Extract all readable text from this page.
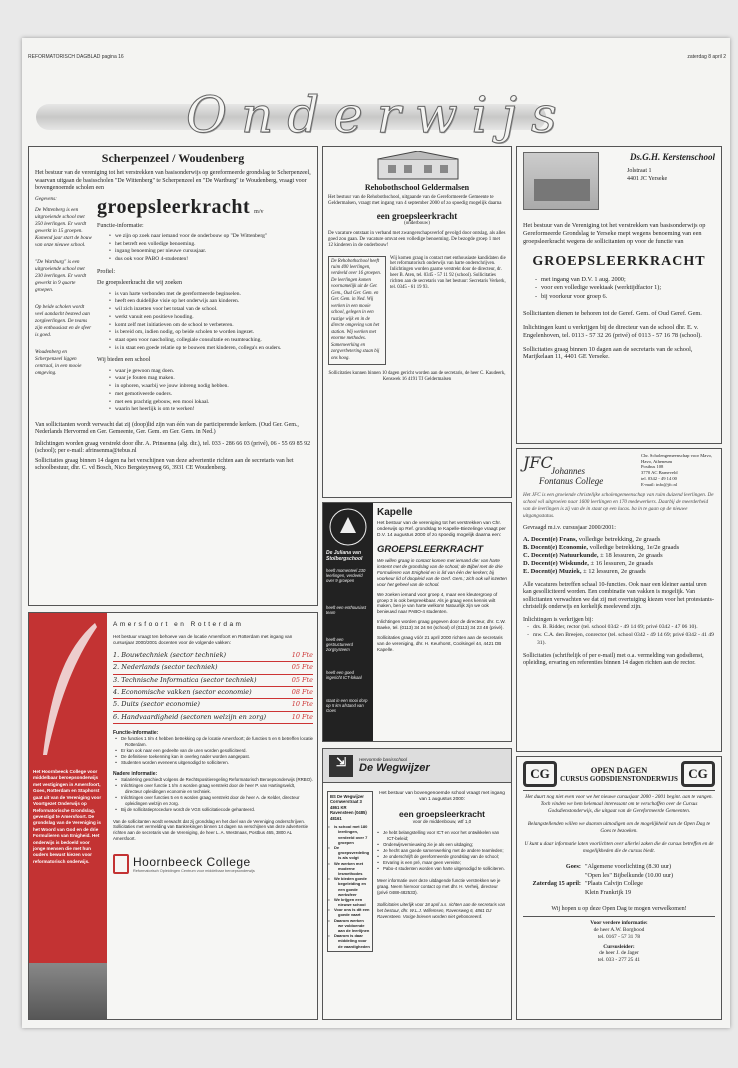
REFORMATORISCH DAGBLAD pagina 16	zaterdag 8 april 2
Onderwijs
Scherpenzeel / Woudenberg
Het bestuur van de vereniging tot het verstrekken van basisonderwijs op gereformeerde grondslag te Scherpenzeel, waarvan uitgaan de basisscholen "De Wittenberg" te Scherpenzeel en "De Wartburg" te Woudenberg, vraagt voor bovengenoemde scholen een
Gegevens:
De Wittenberg is een uitgroeiende school met 350 leerlingen. Er wordt gewerkt in 15 groepen. Komend jaar start de bouw van onze nieuwe school.
"De Wartburg" is een uitgroeiende school met 230 leerlingen. Er wordt gewerkt in 9 quarte groepen.
Op beide scholen wordt veel aandacht besteed aan zorgleerlingen. De teams zijn enthousiast en de sfeer is goed.
Woudenberg en Scherpenzeel liggen centraal, in een mooie omgeving.
groepsleerkracht m/v
Functie-informatie:
• we zijn op zoek naar iemand voor de onderbouw op "De Wittenberg"
• het betreft een volledige benoeming.
• ingang benoeming per nieuwe cursusjaar.
• dus ook voor PABO 4-studenten!
Profiel:
De groepsleerkracht die wij zoeken
• is van harte verbonden met de gereformeerde beginselen.
• heeft een duidelijke visie op het onderwijs aan kinderen.
• wil zich inzetten voor het totaal van de school.
• werkt vanuit een positieve houding.
• komt zelf met initiatieven om de school te verbeteren.
• is bereid om, indien nodig, op beide scholen te worden ingezet.
• staat open voor nascholing, collegiale consultatie en teamteaching.
• is in staat een goede relatie op te bouwen met kinderen, collega's en ouders.
Wij bieden een school
• waar je gewoon mag doen.
• waar je fouten mag maken.
• in ophoren, waarbij we jouw inbreng nodig hebben.
• met gemotiveerde ouders.
• met een prachtig gebouw, een mooi lokaal.
• waarin het heerlijk is om te werken!
Van sollicitanten wordt verwacht dat zij (doop)lid zijn van één van de participerende kerken. (Oud Ger. Gem., Nederlands Hervormd en Ger. Gemeente, Ger. Gem. en Ger. Gem. in Ned.)
Inlichtingen worden graag verstrekt door dhr. A. Prinsenna (alg. dir.), tel. 033 - 286 66 03 (privé), 06 - 55 69 85 92 (school); per e-mail: afrinsenma@tebus.nl
Sollicitaties graag binnen 14 dagen na het verschijnen van deze advertentie richten aan de secretaris van het schoolbestuur, dhr. C. vd Bosch, Nico Bergsteynweg 66, 3931 CE Woudenberg.
Rehobothschool Geldermalsen
Het bestuur van de Rehobothschool, uitgaande van de Gereformeerde Gemeente te Geldermalsen, vraagt met ingang van 4 september 2000 of zo spoedig mogelijk daarna
een groepsleerkracht
(onderbouw)
De vacature ontstaat in verband met zwangerschapsverlof gevolgd door ontslag, als alles goed zou gaan. De vacature omvat een volledige benoeming. De bezogde groep 1 met 12 kinderen in de onderbouw!
De Rehobothschool heeft ruim 400 leerlingen, verdeeld over 16 groepen. De leerlingen komen voornamelijk uit de Ger. Gem., Oud Ger. Gem. en Ger. Gem. in Ned. Wij werken in een mooie school, gelegen in een rustige wijk en in de directe omgeving van het station. Wij werken met enorme methodes. Samenwerking en zorgverbetering staan bij ons hoog.
Wij komen graag in contact met enthousiaste kandidaten die het reformatorisch onderwijs van harte onderschrijven. Inlichtingen worden gaarne verstrekt door de directeur, dr. heer B. Aten, tel. 0345 - 57 11 92 (school). Sollicitaties richten aan de secretaris van het bestuur: Secretaris Verkerk, tel. 0345 - 61 19 93.
Sollicitaties kunnen binnen 10 dagen gericht worden aan de secretaris, de heer C. Kaudeerk, Kenswek 16 4191 TJ Geldermalsen
Ds.G.H. Kerstenschool
Jolstraat 1
4401 JC Yerseke
Het bestuur van de Vereniging tot het verstrekken van basisonderwijs op Gereformeerde Grondslag te Yerseke mept wegens benoeming van een groepsleerkracht wegens de sollicitanten op voor de functie van
GROEPSLEERKRACHT
- met ingang van D.V. 1 aug. 2000;
- voor een volledige weektaak (werktijdfactor 1);
- bij voorkeur voor groep 6.
Sollicitanten dienen te behoren tot de Geref. Gem. of Oud Geref. Gem.
Inlichtingen kunt u verkrijgen bij de directeur van de school dhr. E. v. Engelenhoven, tel. 0113 - 57 32 26 (privé) of 0113 - 57 16 78 (school).
Sollicitaties graag binnen 10 dagen aan de secretaris van de school, Marijkelaan 11, 4401 GE Yerseke.
De Juliana van
Stolbergschool
heeft momenteel 230 leerlingen, verdeeld over 9 groepen
heeft een enthousiast team
heeft een gestructureerd zorgsysteem
heeft een goed ingericht ICT-lokaal
staat in een mooi dorp op 5 km afstand van Goes
Kapelle
Het bestuur van de vereniging tot het verstrekken van Chr. onderwijs op Ref. grondslag te Kapelle-Biezelinge vraagt per D.V. 14 augustus 2000 of zo spoedig mogelijk daarna een:
GROEPSLEERKRACHT
We willen graag in contact komen met iemand die: van harte instemt met de grondslag van de school; de Bijbel met de drie Formulieren van Enigheid en is lid van één der kerken; bij voorkeur lid of doopleid van de Gerf. Gem.; zich ook wil inzetten voor het geheel van de school.
We zoeken iemand voor groep 4, maar een kleutergroep of groep 3 is ook bespreekbaar. Als je graag eens kennis wilt maken, ben je van harte welkom! Natuurlijk zijn we ook benieuwd naar PABO-4 studenten.
Inlichtingen worden graag gegeven door de directeur, dhr. C.W. Baeke, tel. (0113) 34 24 94 (school) of (0113) 34 23 48 (privé).
Sollicitaties graag vóór 21 april 2000 richten aan de secretaris van de vereniging, dhr. H. Keurhorst, Coolsingel 44, 4421 DB Kapelle.
JFC
Johannes
Fontanus College
Chr. Scholengemeenschap voor Mavo, Havo, Atheneum
Postbus 108
3770 AC Barneveld
tel. 0342 - 49 14 00
E-mail: info@jfc.nl
Het JFC is een groeiende christelijke scholengemeenschap van ruim duizend leerlingen. De school wil uitgroeien naar 1600 leerlingen en 170 medewerkers. Daarbij de meerderheid van de leerlingen is zij van de in staat op een lucas. ba in te gaan op de nieuwe uitgangsstatus.
Gevraagd m.i.v. cursusjaar 2000/2001:
A. Docent(e) Frans, volledige betrekking, 2e graads
B. Docent(e) Economie, volledige betrekking, 1e/2e graads
C. Docent(e) Natuurkunde, ± 18 lessuren, 2e graads
D. Docent(e) Wiskunde, ± 16 lessuren, 2e graads
E. Docent(e) Muziek, ± 12 lessuren, 2e graads
Alle vacatures betreffen schaal 10-functies. Ook naar een kleiner aantal uren kan gesolliciteerd worden. Een combinatie van vakken is mogelijk. Van sollicitanten verwachten we dat zij met overtuiging kiezen voor het protestants-christelijk onderwijs en kerkelijk meelevend zijn.
Inlichtingen is verkrijgen bij:
- drs. B. Ridder, rector (tel. school 0342 - 49 14 69; privé 0342 - 47 06 10).
- mw. C.A. den Breejen, conrector (tel. school 0342 - 49 14 69; privé 0342 - 41 49 31).
Sollicitaties (schriftelijk of per e-mail) met o.a. vermelding van godsdienst, opleiding, ervaring en referenties binnen 14 dagen richten aan de rector.
Het Hoornbeeck College voor middelbaar beroepsonderwijs met vestigingen in Amersfoort, Goes, Rotterdam en Staphorst gaat uit van de Vereniging voor Voortgezet Onderwijs op Reformatorische Grondslag, gevestigd te Amersfoort. De grondslag van de Vereniging is het Woord van God en de drie Formulieren van Enigheid. Het onderwijs is bedoeld voor jonge mensen die met hun ouders bewust kiezen voor reformatorisch onderwijs.
Amersfoort en Rotterdam
Het bestuur vraagt ten behoeve van de locatie Amersfoort en Rotterdam met ingang van cursusjaar 2000/2001 docenten voor de volgende vakken:
1. Bouwtechniek (sector techniek)	10 Fte
2. Nederlands (sector techniek)	05 Fte
3. Technische Informatica (sector techniek)	05 Fte
4. Economische vakken (sector economie)	08 Fte
5. Duits (sector economie)	10 Fte
6. Handvaardigheid (sectoren welzijn en zorg)	10 Fte
Functie-informatie:
• De functies 1 t/m 4 hebben betrekking op de locatie Amersfoort; de functies 5 en 6 betreffen locatie Rotterdam.
• Er kan ook naar een gedeelte van de uren worden gesolliciteerd.
• De definitieve toekenning kan in overleg nader worden aangepast.
• Studenten worden eveneens uitgenodigd te solliciteren.
Nadere informatie:
• Salariëring geschiedt volgens de Rechtspositieregeling Reformatorisch Beroepsonderwijs (RRBO).
• Inlichtingen over functie 1 t/m 4 worden graag verstrekt door de heer P. van Hartingsveldt, directeur opleidingen economie en techniek.
• Inlichtingen over functies 5 en 6 worden graag verstrekt door de heer A. de Kelder, directeur opleidingen welzijn en zorg.
• Bij de sollicitatieprocedure wordt de VGS sollicitatiecode gehanteerd.
Van de sollicitanten wordt verwacht dat zij grondslag en het doel van de Vereniging onderschrijven. Sollicitaties met vermelding van Bankrekingen binnen 14 dagen na verschijnen van deze advertentie richten aan de secretaris van de Vereniging, de heer L. A. Westmaas, Postbus 465, 3800 AL Amersfoort.
Hoornbeeck College
Reformatorisch Opleidingen Centrum voor middelbaar beroepsonderwijs
⇲	Hervormde basisschool
De Wegwijzer
BS De Wegwijzer Cornwerstraat 3 4861 KR Ravensteen (0485) 48161
• is school met 180 leerlingen, verdeeld over 7 groepen
• De groepsverdeling is als volgt
• We werken met moderne lesmethodes
• We bieden goede begeleiding en een goede werksfeer
• We krijgen een nieuwe school
• Voor ons is dit een goede vaart
• Daarom werken we voldoende aan de leerlijnen
• Daarom is daar middeling voor de vaardigheden
Het bestuur van bovengenoemde school vraagt met ingang van 1 augustus 2000:
een groepsleerkracht
voor de middenbouw, wtf 1,0
• Je hebt belangstelling voor ICT en voor het ontwikkelen van ICT-beleid;
• Onderwijsvernieuwing zie je als een uitdaging;
• Je hecht aan goede samenwerking met de andere teamleden;
• Je onderschrijft de gereformeerde grondslag van de school;
• Ervaring is een pré, maar geen vereiste;
• Pabo-4 studenten worden van harte uitgenodigd te solliciteren.
Meer informatie over deze uitdagende functie verstrekken we je graag. Neem hiervoor contact op met dhr. H. Verheij, directeur (privé 0488-482533).
Sollicitaties uiterlijk voor 18 april a.s. richten aan de secretaris van het bestuur, dhr. W.L.J. Willemsen, Ravensweg 6, 4861 DJ Ravensteen. Vorige brieven worden niet gehonoreerd.
CG	OPEN DAGEN
CURSUS GODSDIENSTONDERWIJS CG
Het duurt nog niet even voor we het nieuwe cursusjaar 2000 - 2001 begint. aan te vangen. Toch vinden we hem helemaal interessant om te verschaffen over de Cursus Godsdienstonderwijs, die uitgaat van de Gereformeerde Gemeenten.
Belangstellenden willen we daarom uitnodigen om de mogelijkheid van de Open Dag te Goes te bezoeken.
U kunt u daar informatie laten voorlichten over allerlei zaken die de cursus betreffen en de mogelijkheden die de cursus biedt.
Goes: "Algemene voorlichting (8.30 uur)
"Open les" Bijbelkunde (10.00 uur)
Zaterdag 15 april: "Plaats Calvijn College
Klein Frankrijk 19
Wij hopen u op deze Open Dag te mogen verwelkomen!
Voor verdere informatie:
de heer A.W. Borgbood
tel. 0167 - 57 31 78
Cursusleider:
de heer J. de Jager
tel. 033 - 277 25 41
